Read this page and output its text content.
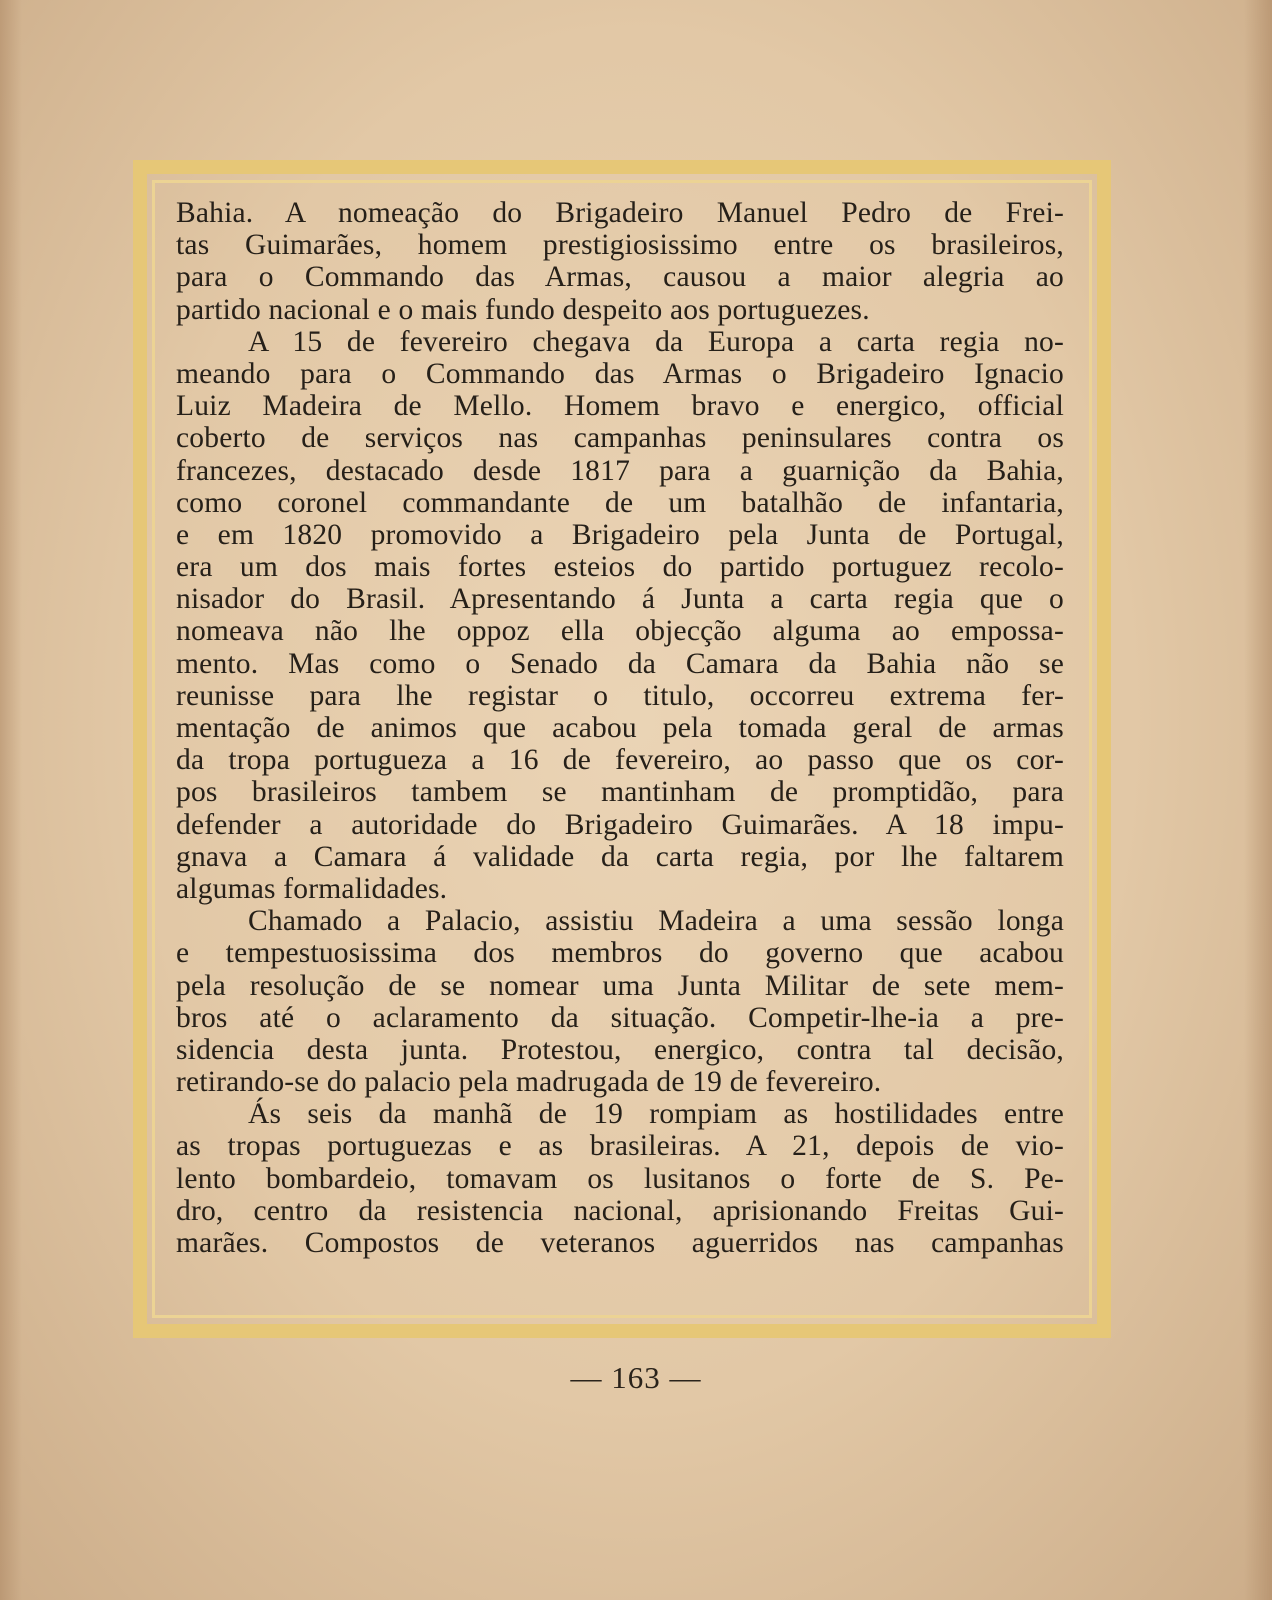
Bahia. A nomeação do Brigadeiro Manuel Pedro de Frei-
tas Guimarães, homem prestigiosissimo entre os brasileiros,
para o Commando das Armas, causou a maior alegria ao
partido nacional e o mais fundo despeito aos portuguezes.
A 15 de fevereiro chegava da Europa a carta regia no-
meando para o Commando das Armas o Brigadeiro Ignacio
Luiz Madeira de Mello. Homem bravo e energico, official
coberto de serviços nas campanhas peninsulares contra os
francezes, destacado desde 1817 para a guarnição da Bahia,
como coronel commandante de um batalhão de infantaria,
e em 1820 promovido a Brigadeiro pela Junta de Portugal,
era um dos mais fortes esteios do partido portuguez recolo-
nisador do Brasil. Apresentando á Junta a carta regia que o
nomeava não lhe oppoz ella objecção alguma ao empossa-
mento. Mas como o Senado da Camara da Bahia não se
reunisse para lhe registar o titulo, occorreu extrema fer-
mentação de animos que acabou pela tomada geral de armas
da tropa portugueza a 16 de fevereiro, ao passo que os cor-
pos brasileiros tambem se mantinham de promptidão, para
defender a autoridade do Brigadeiro Guimarães. A 18 impu-
gnava a Camara á validade da carta regia, por lhe faltarem
algumas formalidades.
Chamado a Palacio, assistiu Madeira a uma sessão longa
e tempestuosissima dos membros do governo que acabou
pela resolução de se nomear uma Junta Militar de sete mem-
bros até o aclaramento da situação. Competir-lhe-ia a pre-
sidencia desta junta. Protestou, energico, contra tal decisão,
retirando-se do palacio pela madrugada de 19 de fevereiro.
Ás seis da manhã de 19 rompiam as hostilidades entre
as tropas portuguezas e as brasileiras. A 21, depois de vio-
lento bombardeio, tomavam os lusitanos o forte de S. Pe-
dro, centro da resistencia nacional, aprisionando Freitas Gui-
marães. Compostos de veteranos aguerridos nas campanhas
— 163 —
